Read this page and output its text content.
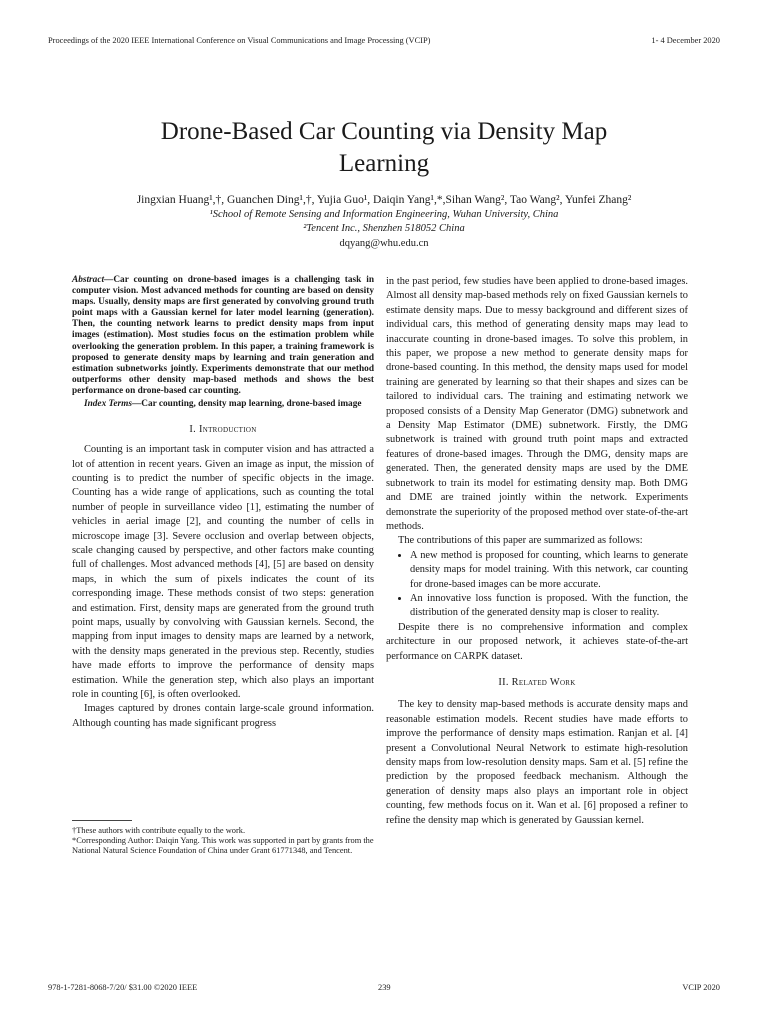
Proceedings of the 2020 IEEE International Conference on Visual Communications and Image Processing (VCIP)	1- 4 December 2020
Drone-Based Car Counting via Density Map
Learning
Jingxian Huang¹,†, Guanchen Ding¹,†, Yujia Guo¹, Daiqin Yang¹,*,Sihan Wang², Tao Wang², Yunfei Zhang²
¹School of Remote Sensing and Information Engineering, Wuhan University, China
²Tencent Inc., Shenzhen 518052 China
dqyang@whu.edu.cn
Abstract—Car counting on drone-based images is a challenging task in computer vision. Most advanced methods for counting are based on density maps. Usually, density maps are first generated by convolving ground truth point maps with a Gaussian kernel for later model learning (generation). Then, the counting network learns to predict density maps from input images (estimation). Most studies focus on the estimation problem while overlooking the generation problem. In this paper, a training framework is proposed to generate density maps by learning and train generation and estimation subnetworks jointly. Experiments demonstrate that our method outperforms other density map-based methods and shows the best performance on drone-based car counting.
Index Terms—Car counting, density map learning, drone-based image
I. Introduction

Counting is an important task in computer vision and has attracted a lot of attention in recent years. Given an image as input, the mission of counting is to predict the number of specific objects in the image. Counting has a wide range of applications, such as counting the total number of people in surveillance video [1], estimating the number of vehicles in aerial image [2], and counting the number of cells in microscope image [3]. Severe occlusion and overlap between objects, scale changing caused by perspective, and other factors make counting full of challenges. Most advanced methods [4], [5] are based on density maps, in which the sum of pixels indicates the count of its corresponding image. These methods consist of two steps: generation and estimation. First, density maps are generated from the ground truth point maps, usually by convolving with Gaussian kernels. Second, the mapping from input images to density maps are learned by a network, with the density maps generated in the previous step. Recently, studies have made efforts to improve the performance of density maps estimation. While the generation step, which also plays an important role in counting [6], is often overlooked.

Images captured by drones contain large-scale ground information. Although counting has made significant progress

†These authors with contribute equally to the work.
*Corresponding Author: Daiqin Yang. This work was supported in part by grants from the National Natural Science Foundation of China under Grant 61771348, and Tencent.

in the past period, few studies have been applied to drone-based images. Almost all density map-based methods rely on fixed Gaussian kernels to estimate density maps. Due to messy background and different sizes of individual cars, this method of generating density maps may lead to inaccurate counting in drone-based images. To solve this problem, in this paper, we propose a new method to generate density maps for drone-based counting. In this method, the density maps used for model training are generated by learning so that their shapes and sizes can be tailored to individual cars. The training and estimating network we proposed consists of a Density Map Generator (DMG) subnetwork and a Density Map Estimator (DME) subnetwork. Firstly, the DMG subnetwork is trained with ground truth point maps and extracted features of drone-based images. Through the DMG, density maps are generated. Then, the generated density maps are used by the DME subnetwork to train its model for estimating density map. Both DMG and DME are trained jointly within the network. Experiments demonstrate the superiority of the proposed method over state-of-the-art methods.

The contributions of this paper are summarized as follows:

• A new method is proposed for counting, which learns to generate density maps for model training. With this network, car counting for drone-based images can be more accurate.
• An innovative loss function is proposed. With the function, the distribution of the generated density map is closer to reality.

Despite there is no comprehensive information and complex architecture in our proposed network, it achieves state-of-the-art performance on CARPK dataset.

II. Related Work

The key to density map-based methods is accurate density maps and reasonable estimation models. Recent studies have made efforts to improve the performance of density maps estimation. Ranjan et al. [4] present a Convolutional Neural Network to estimate high-resolution density maps from low-resolution density maps. Sam et al. [5] refine the prediction by the proposed feedback mechanism. Although the generation of density maps also plays an important role in object counting, few methods focus on it. Wan et al. [6] proposed a refiner to refine the density map which is generated by Gaussian kernel.

978-1-7281-8068-7/20/ $31.00 ©2020 IEEE	239	VCIP 2020
